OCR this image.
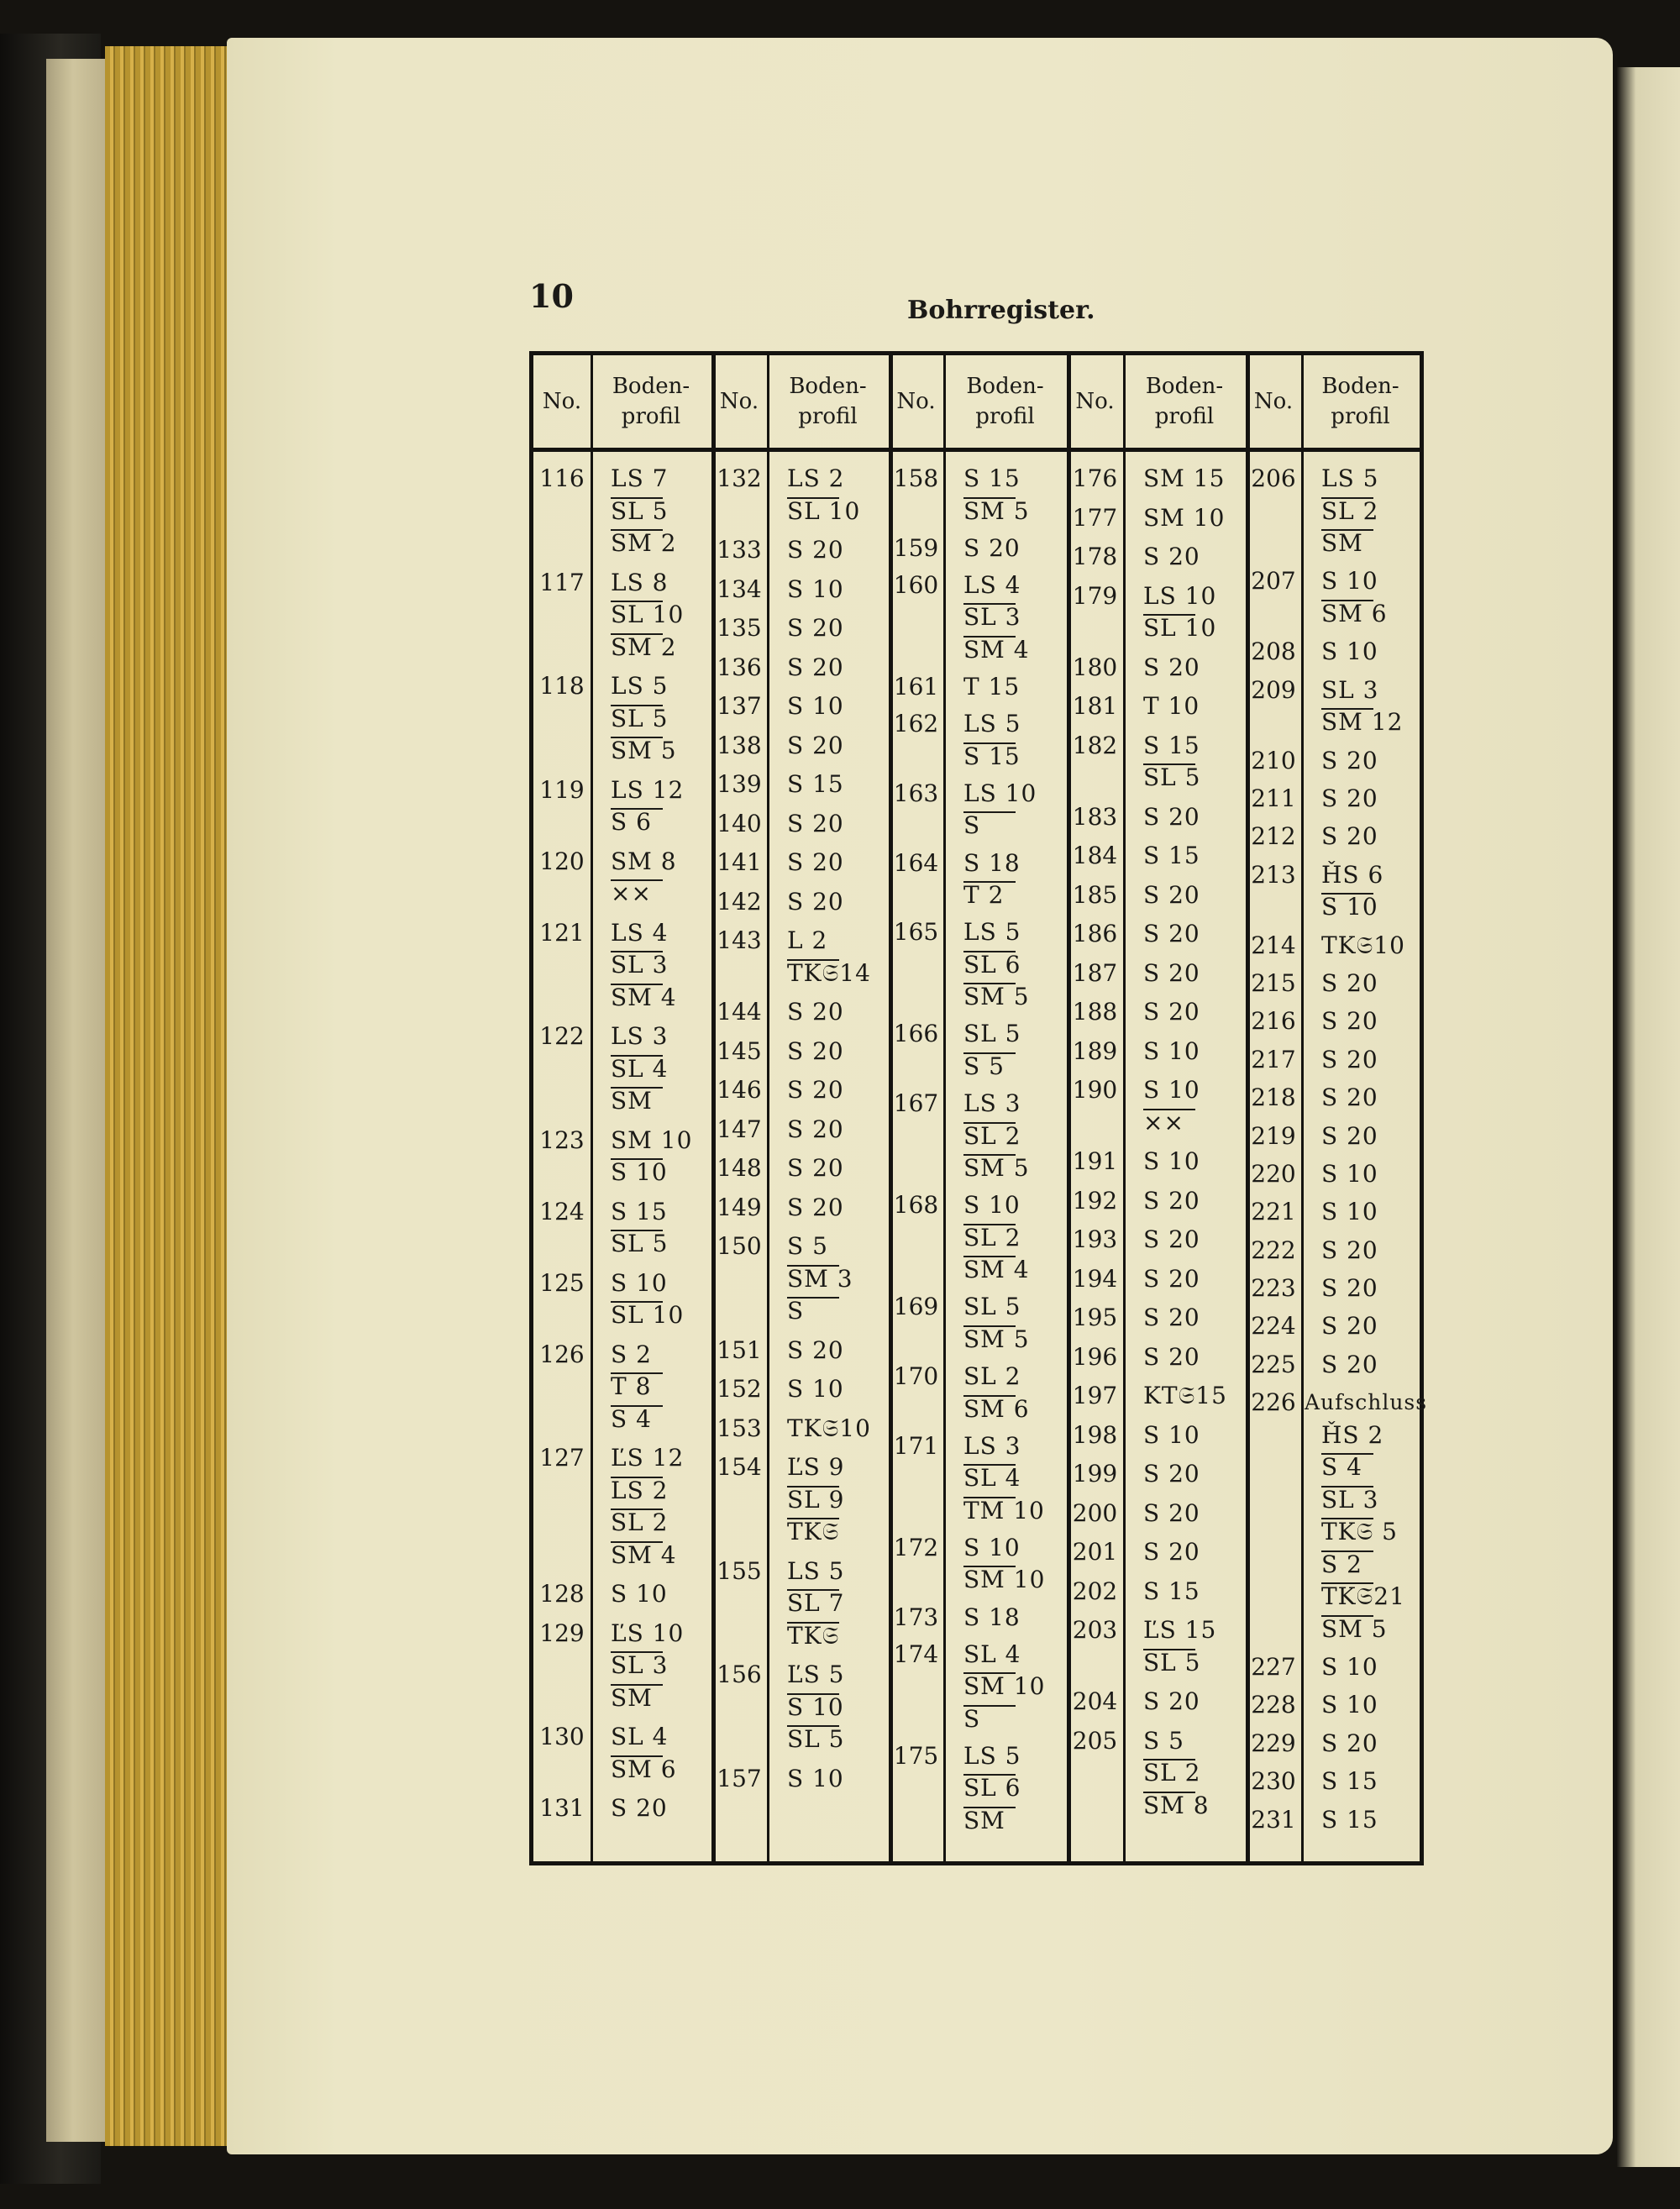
10	Bohrregister.
No.
Boden-
profil
No.
Boden-
profil
No.
Boden-
profil
No.
Boden-
profil
No.
Boden-
profil
116 LS 7
SL 5
SM 2
117 LS 8
SL 10
SM 2
118 LS 5
SL 5
SM 5
119 LS 12
S 6
120 SM 8
××
121 LS 4
SL 3
SM 4
122 LS 3
SL 4
SM
123 SM 10
S 10
124 S 15
SL 5
125 S 10
SL 10
126 S 2
T 8
S 4
127 ĽS 12
LS 2
SL 2
SM 4
128 S 10
129 ĽS 10
SL 3
SM
130 SL 4
SM 6
131 S 20
132 LS 2
SL 10
133 S 20
134 S 10
135 S 20
136 S 20
137 S 10
138 S 20
139 S 15
140 S 20
141 S 20
142 S 20
143 L 2
TK𝔖14
144 S 20
145 S 20
146 S 20
147 S 20
148 S 20
149 S 20
150 S 5
SM 3
S
151 S 20
152 S 10
153 TK𝔖10
154 ĽS 9
SL 9
TK𝔖
155 LS 5
SL 7
TK𝔖
156 ĽS 5
S 10
SL 5
157 S 10
158 S 15
SM 5
159 S 20
160 LS 4
SL 3
SM 4
161 T 15
162 LS 5
S 15
163 LS 10
S
164 S 18
T 2
165 LS 5
SL 6
SM 5
166 SL 5
S 5
167 LS 3
SL 2
SM 5
168 S 10
SL 2
SM 4
169 SL 5
SM 5
170 SL 2
SM 6
171 LS 3
SL 4
TM 10
172 S 10
SM 10
173 S 18
174 SL 4
SM 10
S
175 LS 5
SL 6
SM
176 SM 15
177 SM 10
178 S 20
179 LS 10
SL 10
180 S 20
181 T 10
182 S 15
SL 5
183 S 20
184 S 15
185 S 20
186 S 20
187 S 20
188 S 20
189 S 10
190 S 10
××
191 S 10
192 S 20
193 S 20
194 S 20
195 S 20
196 S 20
197 KT𝔖15
198 S 10
199 S 20
200 S 20
201 S 20
202 S 15
203 ĽS 15
SL 5
204 S 20
205 S 5
SL 2
SM 8
206 LS 5
SL 2
SM
207 S 10
SM 6
208 S 10
209 SL 3
SM 12
210 S 20
211 S 20
212 S 20
213 ȞS 6
S 10
214 TK𝔖10
215 S 20
216 S 20
217 S 20
218 S 20
219 S 20
220 S 10
221 S 10
222 S 20
223 S 20
224 S 20
225 S 20
226 Aufschluss
ȞS 2
S 4
SL 3
TK𝔖 5
S 2
TK𝔖21
SM 5
227 S 10
228 S 10
229 S 20
230 S 15
231 S 15
